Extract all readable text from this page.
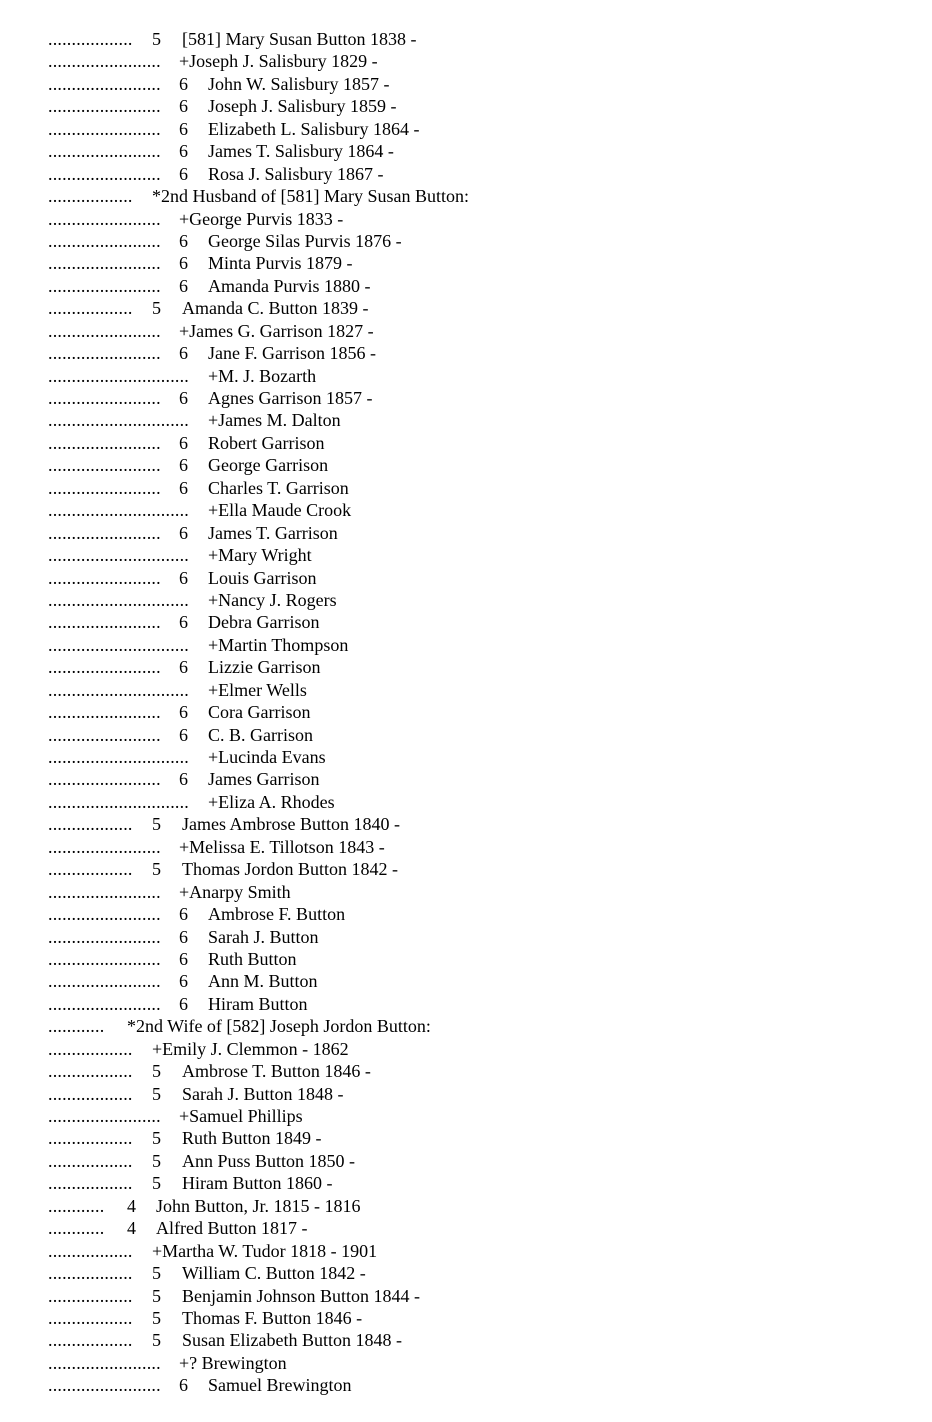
.................. 5 [581] Mary Susan Button 1838 -
........................ +Joseph J. Salisbury 1829 -
........................ 6 John W. Salisbury 1857 -
........................ 6 Joseph J. Salisbury 1859 -
........................ 6 Elizabeth L. Salisbury 1864 -
........................ 6 James T. Salisbury 1864 -
........................ 6 Rosa J. Salisbury 1867 -
.................. *2nd Husband of [581] Mary Susan Button:
........................ +George Purvis 1833 -
........................ 6 George Silas Purvis 1876 -
........................ 6 Minta Purvis 1879 -
........................ 6 Amanda Purvis 1880 -
.................. 5 Amanda C. Button 1839 -
........................ +James G. Garrison 1827 -
........................ 6 Jane F. Garrison 1856 -
.............................. +M. J. Bozarth
........................ 6 Agnes Garrison 1857 -
.............................. +James M. Dalton
........................ 6 Robert Garrison
........................ 6 George Garrison
........................ 6 Charles T. Garrison
.............................. +Ella Maude Crook
........................ 6 James T. Garrison
.............................. +Mary Wright
........................ 6 Louis Garrison
.............................. +Nancy J. Rogers
........................ 6 Debra Garrison
.............................. +Martin Thompson
........................ 6 Lizzie Garrison
.............................. +Elmer Wells
........................ 6 Cora Garrison
........................ 6 C. B. Garrison
.............................. +Lucinda Evans
........................ 6 James Garrison
.............................. +Eliza A. Rhodes
.................. 5 James Ambrose Button 1840 -
........................ +Melissa E. Tillotson 1843 -
.................. 5 Thomas Jordon Button 1842 -
........................ +Anarpy Smith
........................ 6 Ambrose F. Button
........................ 6 Sarah J. Button
........................ 6 Ruth Button
........................ 6 Ann M. Button
........................ 6 Hiram Button
............ *2nd Wife of [582] Joseph Jordon Button:
.................. +Emily J. Clemmon - 1862
.................. 5 Ambrose T. Button 1846 -
.................. 5 Sarah J. Button 1848 -
........................ +Samuel Phillips
.................. 5 Ruth Button 1849 -
.................. 5 Ann Puss Button 1850 -
.................. 5 Hiram Button 1860 -
............ 4 John Button, Jr. 1815 - 1816
............ 4 Alfred Button 1817 -
.................. +Martha W. Tudor 1818 - 1901
.................. 5 William C. Button 1842 -
.................. 5 Benjamin Johnson Button 1844 -
.................. 5 Thomas F. Button 1846 -
.................. 5 Susan Elizabeth Button 1848 -
........................ +? Brewington
........................ 6 Samuel Brewington
